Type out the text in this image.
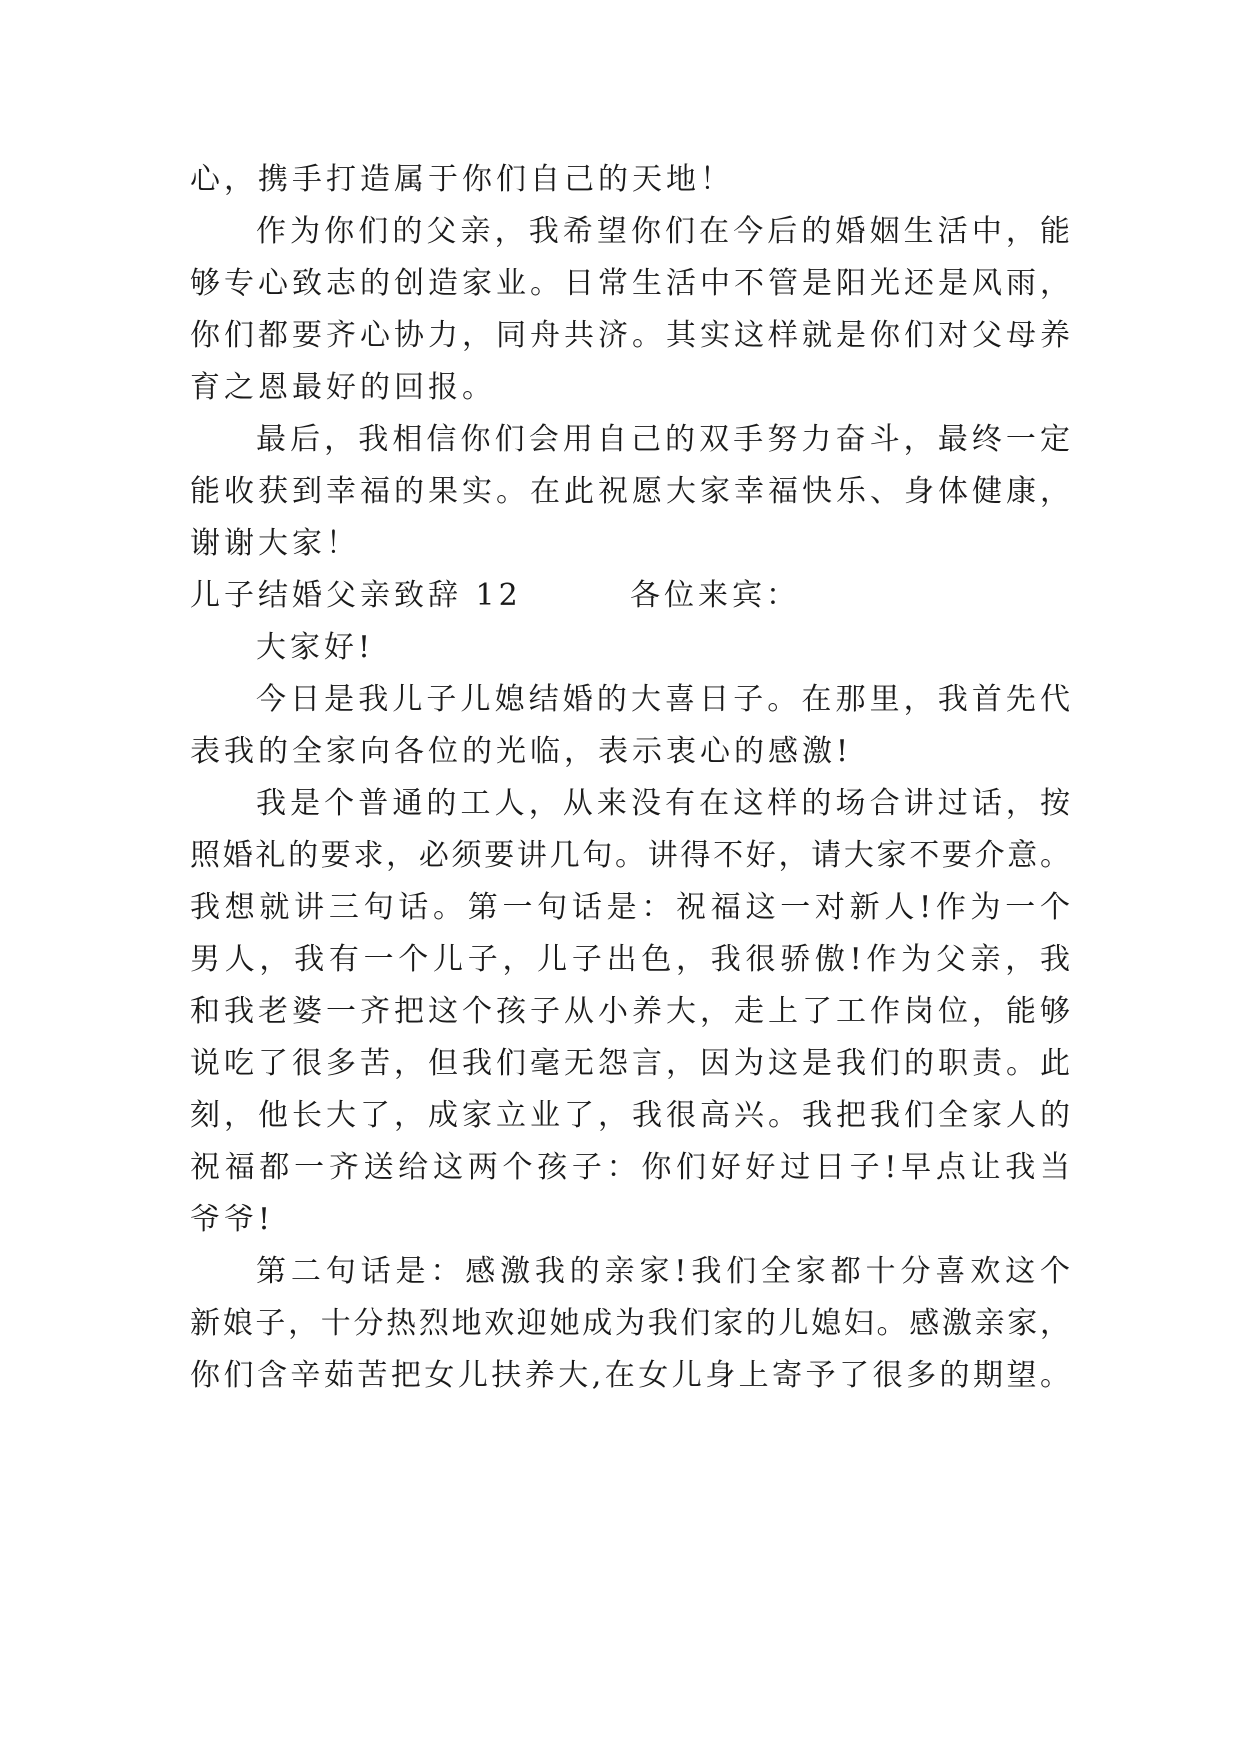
心，携手打造属于你们自己的天地！
作为你们的父亲，我希望你们在今后的婚姻生活中，能
够专心致志的创造家业。日常生活中不管是阳光还是风雨，
你们都要齐心协力，同舟共济。其实这样就是你们对父母养
育之恩最好的回报。
最后，我相信你们会用自己的双手努力奋斗，最终一定
能收获到幸福的果实。在此祝愿大家幸福快乐、身体健康，
谢谢大家！
儿子结婚父亲致辞 12        各位来宾：
大家好!
今日是我儿子儿媳结婚的大喜日子。在那里，我首先代
表我的全家向各位的光临，表示衷心的感激!
我是个普通的工人，从来没有在这样的场合讲过话，按
照婚礼的要求，必须要讲几句。讲得不好，请大家不要介意。
我想就讲三句话。第一句话是：祝福这一对新人!作为一个
男人，我有一个儿子，儿子出色，我很骄傲!作为父亲，我
和我老婆一齐把这个孩子从小养大，走上了工作岗位，能够
说吃了很多苦，但我们毫无怨言，因为这是我们的职责。此
刻，他长大了，成家立业了，我很高兴。我把我们全家人的
祝福都一齐送给这两个孩子：你们好好过日子!早点让我当
爷爷!
第二句话是：感激我的亲家!我们全家都十分喜欢这个
新娘子，十分热烈地欢迎她成为我们家的儿媳妇。感激亲家，
你们含辛茹苦把女儿扶养大,在女儿身上寄予了很多的期望。
